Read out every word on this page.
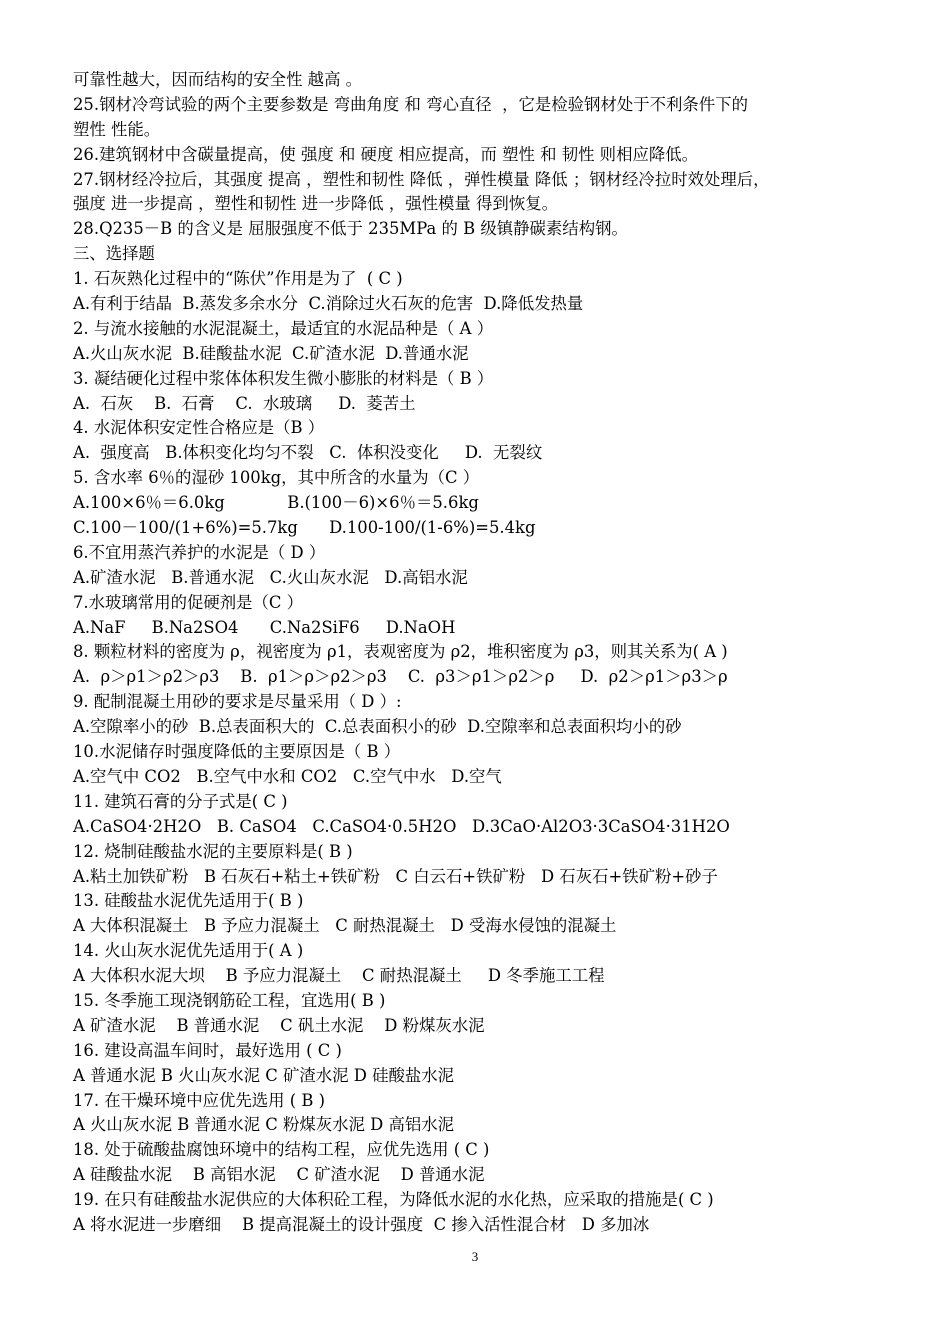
可靠性越大，因而结构的安全性 越高 。
25.钢材冷弯试验的两个主要参数是 弯曲角度 和 弯心直径  ，它是检验钢材处于不利条件下的
塑性 性能。
26.建筑钢材中含碳量提高，使 强度 和 硬度 相应提高，而 塑性 和 韧性 则相应降低。
27.钢材经冷拉后，其强度 提高 ，塑性和韧性 降低 ，弹性模量 降低 ；钢材经冷拉时效处理后，
强度 进一步提高 ，塑性和韧性 进一步降低 ，强性模量 得到恢复。
28.Q235－B 的含义是 屈服强度不低于 235MPa 的 B 级镇静碳素结构钢。
三、选择题
1. 石灰熟化过程中的“陈伏”作用是为了  ( C )
A.有利于结晶  B.蒸发多余水分  C.消除过火石灰的危害  D.降低发热量
2. 与流水接触的水泥混凝土，最适宜的水泥品种是（ A ）
A.火山灰水泥  B.硅酸盐水泥  C.矿渣水泥  D.普通水泥
3. 凝结硬化过程中浆体体积发生微小膨胀的材料是（ B ）
A.  石灰    B.  石膏    C.  水玻璃     D.  菱苦土
4. 水泥体积安定性合格应是（B ）
A.  强度高   B.体积变化均匀不裂   C.  体积没变化     D.  无裂纹
5. 含水率 6％的湿砂 100kg，其中所含的水量为（C ）
A.100×6％＝6.0kg            B.(100－6)×6％＝5.6kg
C.100－100/(1+6%)=5.7kg      D.100-100/(1-6%)=5.4kg
6.不宜用蒸汽养护的水泥是（ D ）
A.矿渣水泥   B.普通水泥   C.火山灰水泥   D.高铝水泥
7.水玻璃常用的促硬剂是（C ）
A.NaF     B.Na2SO4      C.Na2SiF6     D.NaOH
8. 颗粒材料的密度为 ρ，视密度为 ρ1，表观密度为 ρ2，堆积密度为 ρ3，则其关系为( A )
A.  ρ＞ρ1＞ρ2＞ρ3    B.  ρ1＞ρ＞ρ2＞ρ3    C.  ρ3＞ρ1＞ρ2＞ρ     D.  ρ2＞ρ1＞ρ3＞ρ
9. 配制混凝土用砂的要求是尽量采用（ D ）:
A.空隙率小的砂  B.总表面积大的  C.总表面积小的砂  D.空隙率和总表面积均小的砂
10.水泥储存时强度降低的主要原因是（ B ）
A.空气中 CO2   B.空气中水和 CO2   C.空气中水   D.空气
11. 建筑石膏的分子式是( C )
A.CaSO4·2H2O   B. CaSO4   C.CaSO4·0.5H2O   D.3CaO·Al2O3·3CaSO4·31H2O
12. 烧制硅酸盐水泥的主要原料是( B )
A.粘土加铁矿粉   B 石灰石+粘土+铁矿粉   C 白云石+铁矿粉   D 石灰石+铁矿粉+砂子
13. 硅酸盐水泥优先适用于( B )
A 大体积混凝土   B 予应力混凝土   C 耐热混凝土   D 受海水侵蚀的混凝土
14. 火山灰水泥优先适用于( A )
A 大体积水泥大坝    B 予应力混凝土    C 耐热混凝土     D 冬季施工工程
15. 冬季施工现浇钢筋砼工程，宜选用( B )
A 矿渣水泥    B 普通水泥    C 矾土水泥    D 粉煤灰水泥
16. 建设高温车间时，最好选用 ( C )
A 普通水泥 B 火山灰水泥 C 矿渣水泥 D 硅酸盐水泥
17. 在干燥环境中应优先选用 ( B )
A 火山灰水泥 B 普通水泥 C 粉煤灰水泥 D 高铝水泥
18. 处于硫酸盐腐蚀环境中的结构工程，应优先选用 ( C )
A 硅酸盐水泥    B 高铝水泥    C 矿渣水泥    D 普通水泥
19. 在只有硅酸盐水泥供应的大体积砼工程，为降低水泥的水化热，应采取的措施是( C )
A 将水泥进一步磨细    B 提高混凝土的设计强度  C 掺入活性混合材   D 多加冰
3
